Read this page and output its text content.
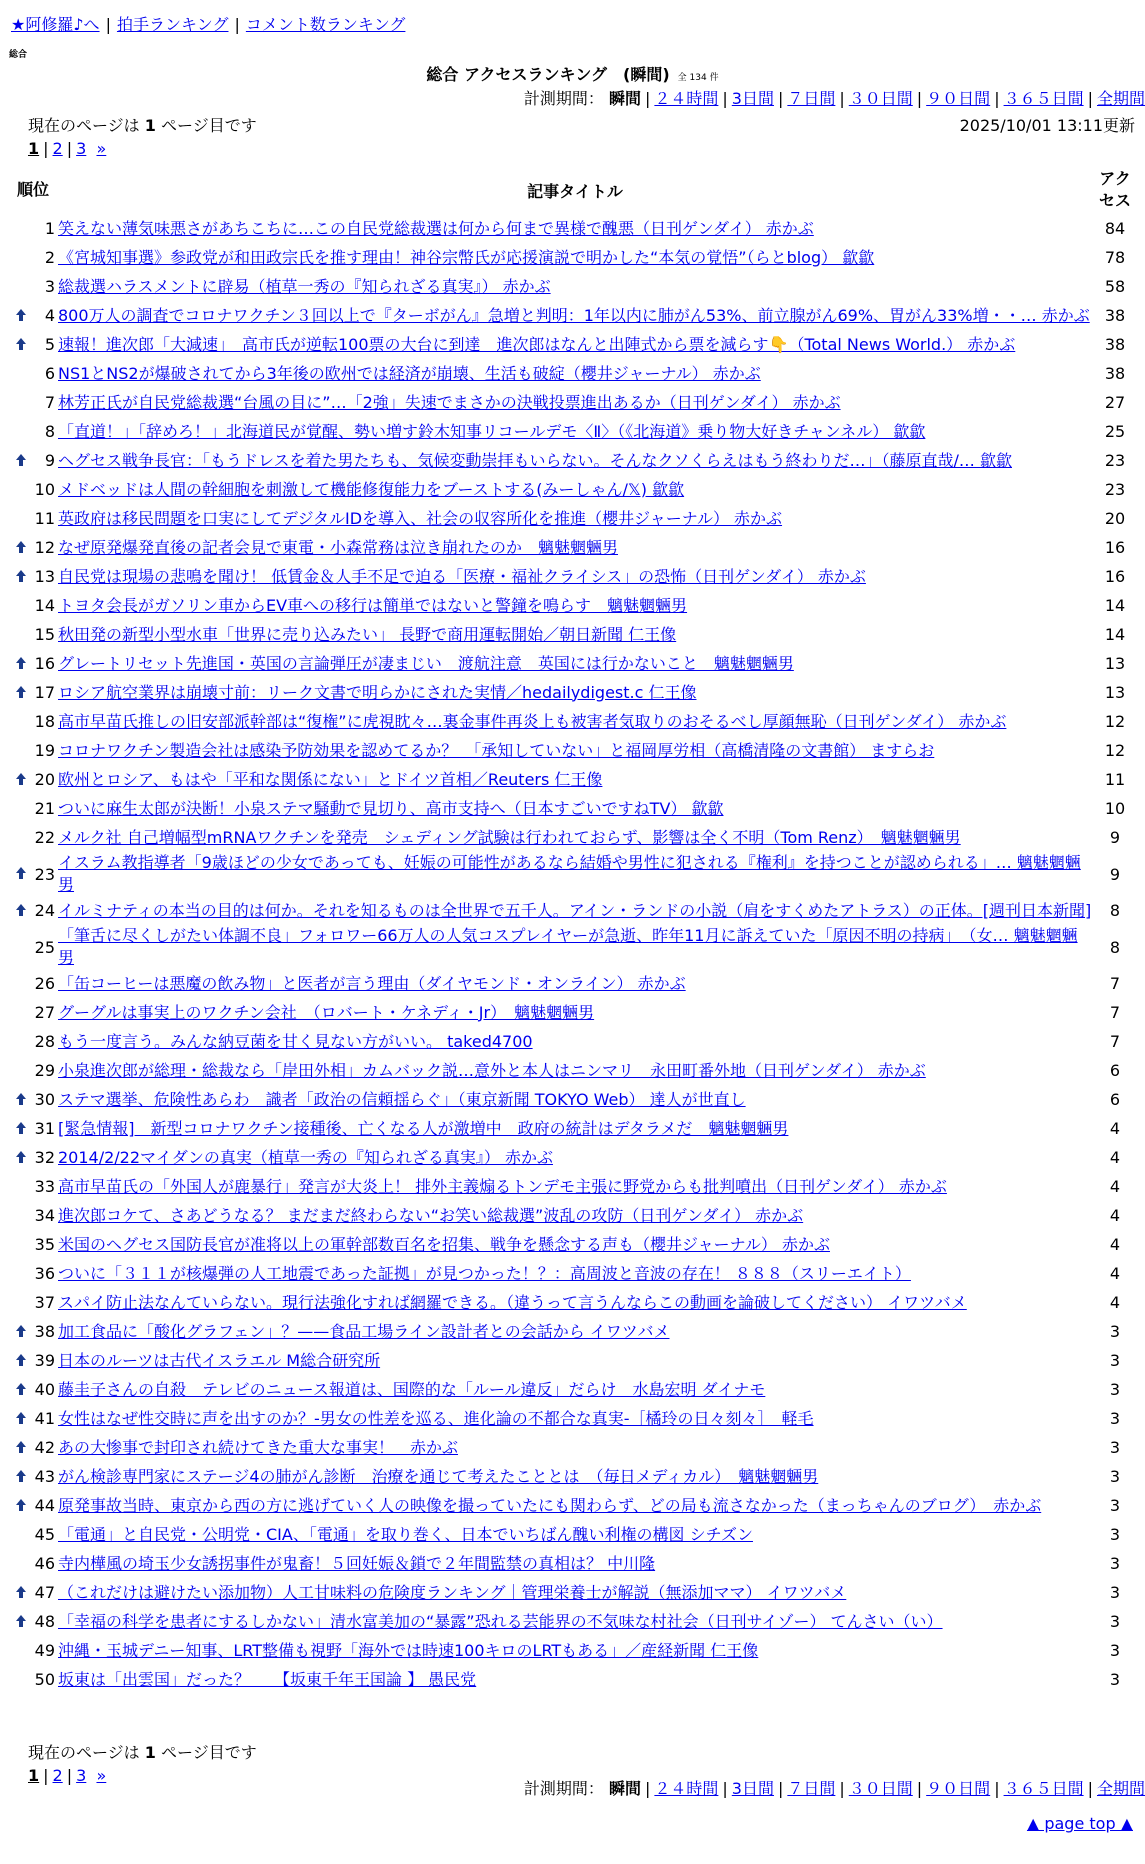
★阿修羅♪へ | 拍手ランキング | コメント数ランキング
総合
総合 アクセスランキング　(瞬間) 全 134 件
計測期間： 瞬間 | ２４時間 | 3日間 | ７日間 | ３０日間 | ９０日間 | ３６５日間 | 全期間
現在のページは 1 ページ目です	2025/10/01 13:11更新
1 | 2 | 3 »
順位		記事タイトル	アクセス
	1	笑えない薄気味悪さがあちこちに…この自民党総裁選は何から何まで異様で醜悪（日刊ゲンダイ） 赤かぶ	84
	2	《宮城知事選》参政党が和田政宗氏を推す理由！神谷宗幣氏が応援演説で明かした“本気の覚悟”（らとblog） 歙歙	78
	3	総裁選ハラスメントに辟易（植草一秀の『知られざる真実』） 赤かぶ	58
	4	800万人の調査でコロナワクチン３回以上で『ターボがん』急増と判明：1年以内に肺がん53%、前立腺がん69%、胃がん33%増・・… 赤かぶ	38
	5	速報！進次郎「大減速」　高市氏が逆転100票の大台に到達　進次郎はなんと出陣式から票を減らす👇（Total News World.） 赤かぶ	38
	6	NS1とNS2が爆破されてから3年後の欧州では経済が崩壊、生活も破綻（櫻井ジャーナル） 赤かぶ	38
	7	林芳正氏が自民党総裁選“台風の目に”…「2強」失速でまさかの決戦投票進出あるか（日刊ゲンダイ） 赤かぶ	27
	8	「直道！」「辞めろ！」北海道民が覚醒、勢い増す鈴木知事リコールデモ〈Ⅱ〉（《北海道》乗り物大好きチャンネル） 歙歙	25
	9	ヘグセス戦争長官：「もうドレスを着た男たちも、気候変動崇拝もいらない。そんなクソくらえはもう終わりだ…」（藤原直哉/… 歙歙	23
	10	メドベッドは人間の幹細胞を刺激して機能修復能力をブーストする(みーしゃん/𝕏) 歙歙	23
	11	英政府は移民問題を口実にしてデジタルIDを導入、社会の収容所化を推進（櫻井ジャーナル） 赤かぶ	20
	12	なぜ原発爆発直後の記者会見で東電・小森常務は泣き崩れたのか　魑魅魍魎男	16
	13	自民党は現場の悲鳴を聞け！ 低賃金＆人手不足で迫る「医療・福祉クライシス」の恐怖（日刊ゲンダイ） 赤かぶ	16
	14	トヨタ会長がガソリン車からEV車への移行は簡単ではないと警鐘を鳴らす　魑魅魍魎男	14
	15	秋田発の新型小型水車「世界に売り込みたい」 長野で商用運転開始／朝日新聞 仁王像	14
	16	グレートリセット先進国・英国の言論弾圧が凄まじい　渡航注意　英国には行かないこと　魑魅魍魎男	13
	17	ロシア航空業界は崩壊寸前：リーク文書で明らかにされた実情／hedailydigest.c 仁王像	13
	18	高市早苗氏推しの旧安部派幹部は“復権”に虎視眈々…裏金事件再炎上も被害者気取りのおそるべし厚顔無恥（日刊ゲンダイ） 赤かぶ	12
	19	コロナワクチン製造会社は感染予防効果を認めてるか？　「承知していない」と福岡厚労相（高橋清隆の文書館） ますらお	12
	20	欧州とロシア、もはや「平和な関係にない」とドイツ首相／Reuters 仁王像	11
	21	ついに麻生太郎が決断！小泉ステマ騒動で見切り、高市支持へ（日本すごいですねTV） 歙歙	10
	22	メルク社 自己増幅型mRNAワクチンを発売　シェディング試験は行われておらず、影響は全く不明（Tom Renz）　魑魅魍魎男	9
	23	イスラム教指導者「9歳ほどの少女であっても、妊娠の可能性があるなら結婚や男性に犯される『権利』を持つことが認められる」… 魑魅魍魎男	9
	24	イルミナティの本当の目的は何か。それを知るものは全世界で五千人。アイン・ランドの小説（肩をすくめたアトラス）の正体。[週刊日本新聞]	8
	25	「筆舌に尽くしがたい体調不良」フォロワー66万人の人気コスプレイヤーが急逝、昨年11月に訴えていた「原因不明の持病」　（女… 魑魅魍魎男	8
	26	「缶コーヒーは悪魔の飲み物」と医者が言う理由（ダイヤモンド・オンライン） 赤かぶ	7
	27	グーグルは事実上のワクチン会社　（ロバート・ケネディ・Jr）　魑魅魍魎男	7
	28	もう一度言う。みんな納豆菌を甘く見ない方がいい。 taked4700	7
	29	小泉進次郎が総理・総裁なら「岸田外相」カムバック説…意外と本人はニンマリ　永田町番外地（日刊ゲンダイ） 赤かぶ	6
	30	ステマ選挙、危険性あらわ　識者「政治の信頼揺らぐ」（東京新聞 TOKYO Web） 達人が世直し	6
	31	[緊急情報]　新型コロナワクチン接種後、亡くなる人が激増中　政府の統計はデタラメだ　魑魅魍魎男	4
	32	2014/2/22マイダンの真実（植草一秀の『知られざる真実』） 赤かぶ	4
	33	高市早苗氏の「外国人が鹿暴行」発言が大炎上！ 排外主義煽るトンデモ主張に野党からも批判噴出（日刊ゲンダイ） 赤かぶ	4
	34	進次郎コケて、さあどうなる？ まだまだ終わらない“お笑い総裁選”波乱の攻防（日刊ゲンダイ） 赤かぶ	4
	35	米国のヘグセス国防長官が准将以上の軍幹部数百名を招集、戦争を懸念する声も（櫻井ジャーナル） 赤かぶ	4
	36	ついに「３１１が核爆弾の人工地震であった証拠」が見つかった！？：高周波と音波の存在！ ８８８（スリーエイト）	4
	37	スパイ防止法なんていらない。現行法強化すれば網羅できる。（違うって言うんならこの動画を論破してください） イワツバメ	4
	38	加工食品に「酸化グラフェン」？——食品工場ライン設計者との会話から イワツバメ	3
	39	日本のルーツは古代イスラエル M総合研究所	3
	40	藤圭子さんの自殺　テレビのニュース報道は、国際的な「ルール違反」だらけ　水島宏明 ダイナモ	3
	41	女性はなぜ性交時に声を出すのか？-男女の性差を巡る、進化論の不都合な真実-［橘玲の日々刻々］　軽毛	3
	42	あの大惨事で封印され続けてきた重大な事実！　赤かぶ	3
	43	がん検診専門家にステージ4の肺がん診断　治療を通じて考えたこととは　（毎日メディカル）　魑魅魍魎男	3
	44	原発事故当時、東京から西の方に逃げていく人の映像を撮っていたにも関わらず、どの局も流さなかった（まっちゃんのブログ）　赤かぶ	3
	45	「電通」と自民党・公明党・CIA、「電通」を取り巻く、日本でいちばん醜い利権の構図 シチズン	3
	46	寺内樺風の埼玉少女誘拐事件が鬼畜！５回妊娠＆鎖で２年間監禁の真相は？ 中川隆	3
	47	（これだけは避けたい添加物）人工甘味料の危険度ランキング｜管理栄養士が解説（無添加ママ） イワツバメ	3
	48	「幸福の科学を患者にするしかない」清水富美加の“暴露”恐れる芸能界の不気味な村社会（日刊サイゾー） てんさい（い）	3
	49	沖縄・玉城デニー知事、LRT整備も視野「海外では時速100キロのLRTもある」／産経新聞 仁王像	3
	50	坂東は「出雲国」だった？　　【坂東千年王国論 】 愚民党	3
現在のページは 1 ページ目です
1 | 2 | 3 »
計測期間： 瞬間 | ２４時間 | 3日間 | ７日間 | ３０日間 | ９０日間 | ３６５日間 | 全期間
▲ page top ▲
